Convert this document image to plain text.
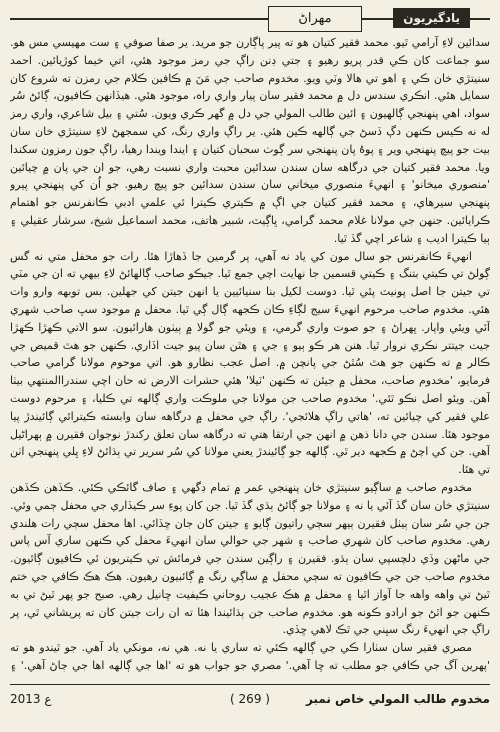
مهراڻ	يادگيريون

سدائين لاءِ آرامي ٿيو. محمد فقير کتيان هو ته پير پاڳارن جو مريد. ير صفا صوفي ۽ ست مهيسي مس هو. سو جماعت کان ڪي قدر پريو رهيو ۽ جتي ڊنن راڳ جي رمز موجود هئي، اتي خيما کوڙيائين. احمد سنيتڙي خان ڪي ۽ اهو تي هالا وٽي ويو. مخدوم صاحب جي مَنَ ۾ ڪافين ڪلام جي رمزن ته شروع کان سمايل هئي. انڪري سندس دل ۾ محمد فقير سان پيار واري راه، موجود هئي. هيڏانهن ڪافيون، ڳائڻ سُر سواد، اهي پنهنجي ڳالهيون ۽ ائين طالب المولي جي دل ۾ گهر ڪري ويون. سُتي ۽ بيل شاعري، واري رمز له نه ڪيس ڪنهن دڳ ڏسڻ جي ڳالهه ڪين هئي. ير راڳ واري رنگ، کي سمجهڻ لاءِ سنيتڙي خان سان بيت جو پيچ پنهنجي وير ۽ پوهُ پان پنهنجي سر ڳوٺ سحبان کتيان ۽ ايندا ويندا رهيا، راڳ جون رمزون سکندا ويا. محمد فقير کتيان جي درگاهه سان سندن سدائين محبت واري نسبت رهي، جو ان جي پان ۾ چيائين 'منصوري ميخانو' ۽ انهيءَ منصوري ميخاني سان سندن سدائين جو پيچ رهيو. جو اُن کي پنهنجي پيرو پنهنجي سيرهاي، ۽ محمد فقير کتيان جي اڳ ۾ ڪيتري ڪيترا ئي علمي ادبي ڪانفرنس جو اهتمام ڪرايائين. جنهن جي مولانا غلام محمد گرامي، ڀاڳيٽ، شبير هاتف، محمد اسماعيل شيخ، سرشار عقيلي ۽ ٻيا ڪيترا اديب ۽ شاعر اچي گڏ ٿيا.

انهيءَ ڪانفرنس جو سال مون کي ياد نه آهي، پر گرمين جا ڏهاڙا هئا. رات جو محفل متي نه گس ڳولڻ تي ڪيتي بتنگ ۽ ڪيتي قسمين جا نهايت اچي جمع ٿيا. جيڪو صاحب ڳالهائڻ لاءِ بيهي ته ان جي مٽي تي جيتن جا اصل پونيٽ پئي ٿيا. دوست لکيل بنا سنيائيين يا انهن جيتن کي جهلين. بس توبهه وارو وات هئي. مخدوم صاحب مرحوم انهيءَ سيج لڳاءِ ڪان ڪجهه ڳال ڳي ٿيا. محفل ۾ موجود سڀ صاحب شهري آئي ويئي واپار. ڀهراڻ ۽ جو صوت واري گرمي، ۽ ويئي جو گولا ۾ ٻيٺون هارائيون. سو الاتي ڪهڙا ڪهڙا جيت جيتتر نڪري نروار ٿيا. هنن هر ڪو ٻيو ۽ جي ۽ هٿن سان پيو جيت اڏاري. ڪنهن جو هٿ قميص جي ڪالر ۾ ته ڪنهن جو هٿ سُٿڻ جي پانچن ۾. اصل عجب نظارو هو. اتي موحوم مولانا گرامي صاحب فرمايو، 'مخدوم صاحب، محفل ۾ جيئن ته ڪنهن 'ٽيلا' هئي حشرات الارض ته حان اچي سندراالمنتهي بيٺا آهن. ويئو اصل نڪو ٿئي.' مخدوم صاحب جن مولانا جي ملوڪت واري ڳالهه تي ڪليا، ۽ مرحوم دوست علي فقير کي چيائين ته، 'هاتي راڳ هلائجي'. راڳ جي محفل ۾ درگاهه سان وابسته ڪيترائي ڳائيندڙ پيا موجود هئا. سندن جي دانا ذهن ۾ انهن جي ارتقا هتي ته درگاهه سان تعلق رکندڙ نوجوان فقيرن ۾ ٻهراڻيل آهي. جن کي اچڻ ۾ ڪجهه دير ٿي. ڳالهه جو ڳائيندڙ يعني مولانا کي سُر سرير تي ٻڌائڻ لاءِ ڀلي پنهنجي اٺن تي هئا.

مخدوم صاحب ۾ ساڳيو سنيتڙي خان پنهنجي عمر ۾ تمام ڊگهي ۽ صاف گائڪي ڪئي. ڪڏهن ڪڏهن سنيتڙي خان سان گڏ آئي يا نه ۽ مولانا جو ڳائڻ ٻڌي گڏ ٿيا. جن کان پوءِ سر ڪيڏاري جي محفل ڄمي وئي. جن جي سُر سان ٻيٺل فقيرن ٻيهر سڄي راتيون ڳايو ۽ جيتن کان جان ڇڏائي. اها محفل سڄي رات هلندي رهي. مخدوم صاحب کان شهري صاحب ۽ شهر جي حوالي سان انهيءَ محفل کي ڪنهن ساري آس پاس جي ماڻهن وڏي دلچسپي سان ٻڌو. فقيرن ۽ راڳين سندن جي فرمائش تي ڪيتريون ئي ڪافيون ڳائيون. مخدوم صاحب جن جي ڪافيون ته سڄي محفل ۾ ساڳي رنگ ۾ ڳائبيون رهيون. هڪ هڪ ڪافي جي ختم ٿيڻ تي واهه واهه جا آواز اٿيا ۽ محفل ۾ هڪ عجيب روحاني ڪيفيت ڇانيل رهي. صبح جو پهر ٿيڻ تي به ڪنهن جو اٿڻ جو ارادو ڪونه هو. مخدوم صاحب جن ٻڌائيندا هئا ته ان رات جيتن کان ته پريشاني ٿي، پر راڳ جي انهيءَ رنگ سڀني جي ٿڪ لاهي ڇڏي.

مصري فقير سان سٺارا ڪي جي ڳالهه ڪئي ته ساري يا نه. هي نه، مونکي ياد آهي. جو ٿيندو هو ته 'پهرين آگ جي ڪافي جو مطلب ته ڇا آهي.' مصري جو جواب هو ته 'اها جي ڳالهه اها جي ڄاڻ آهي.' ۽

مخدوم طالب المولي خاص نمبر
( 269 )
2013 ع
